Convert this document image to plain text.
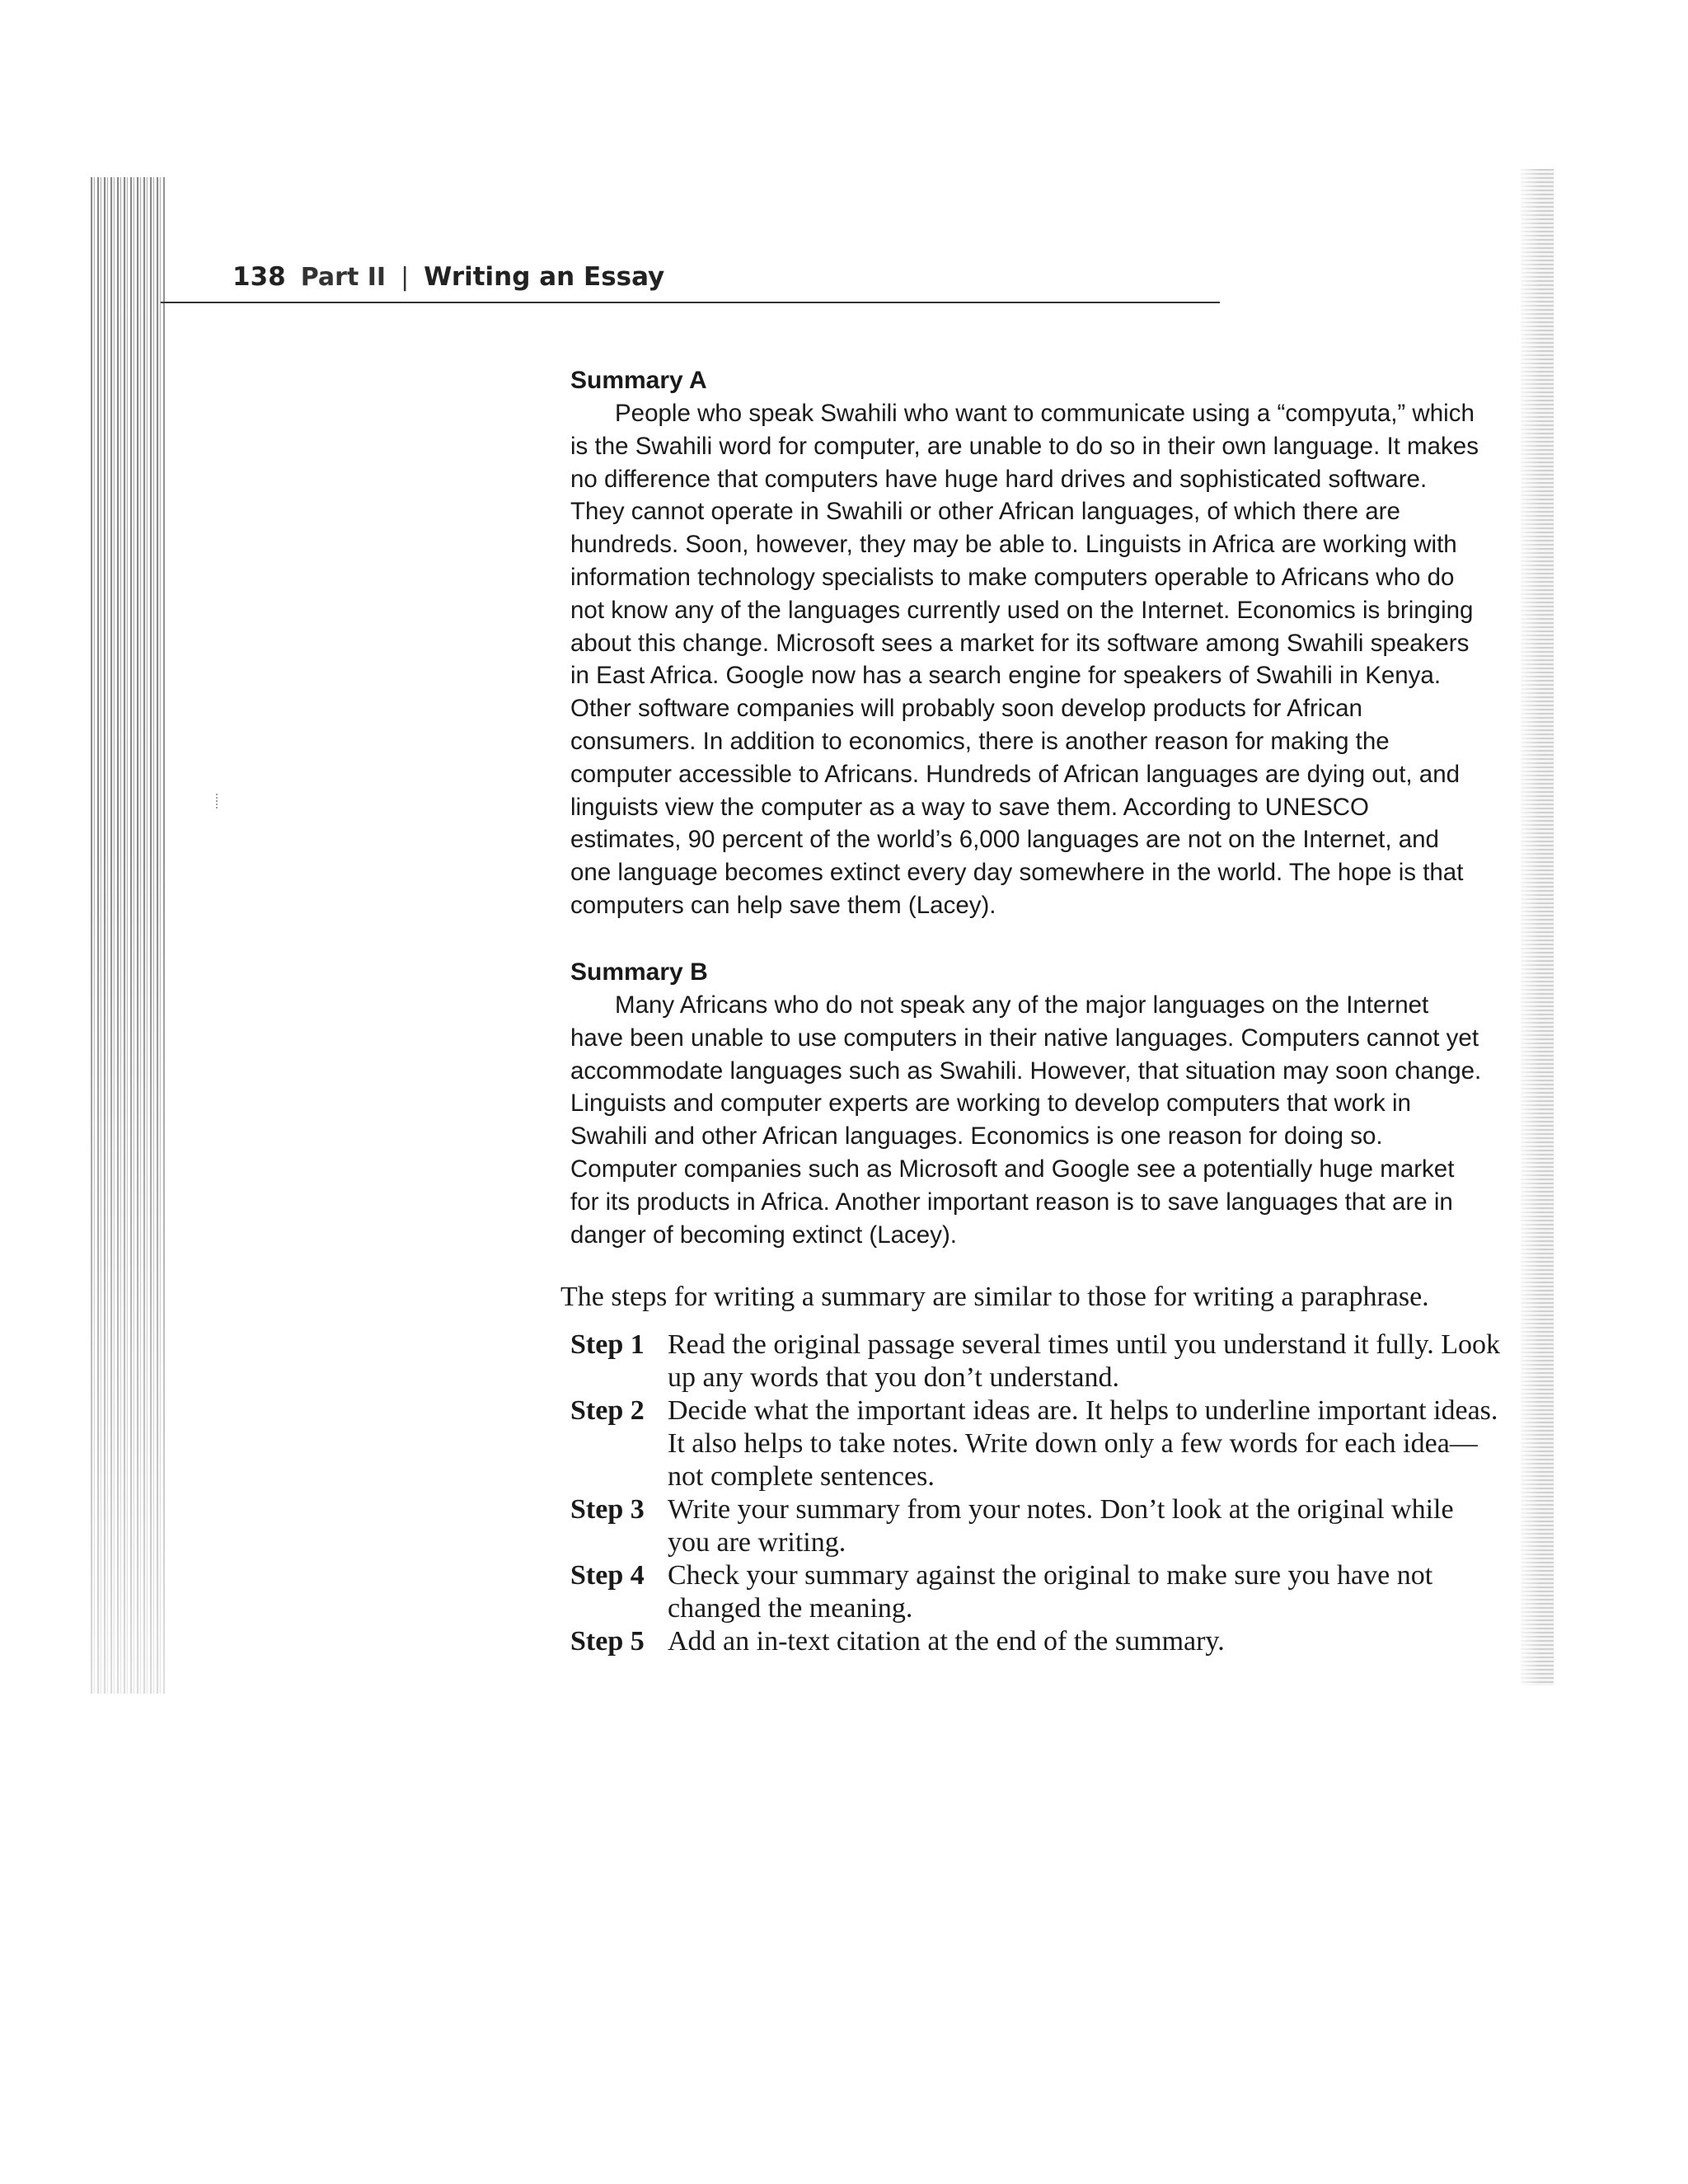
138 Part II | Writing an Essay
Summary A

People who speak Swahili who want to communicate using a “compyuta,” which is the Swahili word for computer, are unable to do so in their own language. It makes no difference that computers have huge hard drives and sophisticated software. They cannot operate in Swahili or other African languages, of which there are hundreds. Soon, however, they may be able to. Linguists in Africa are working with information technology specialists to make computers operable to Africans who do not know any of the languages currently used on the Internet. Economics is bringing about this change. Microsoft sees a market for its software among Swahili speakers in East Africa. Google now has a search engine for speakers of Swahili in Kenya. Other software companies will probably soon develop products for African consumers. In addition to economics, there is another reason for making the computer accessible to Africans. Hundreds of African languages are dying out, and linguists view the computer as a way to save them. According to UNESCO estimates, 90 percent of the world’s 6,000 languages are not on the Internet, and one language becomes extinct every day somewhere in the world. The hope is that computers can help save them (Lacey).

Summary B

Many Africans who do not speak any of the major languages on the Internet have been unable to use computers in their native languages. Computers cannot yet accommodate languages such as Swahili. However, that situation may soon change. Linguists and computer experts are working to develop computers that work in Swahili and other African languages. Economics is one reason for doing so. Computer companies such as Microsoft and Google see a potentially huge market for its products in Africa. Another important reason is to save languages that are in danger of becoming extinct (Lacey).

The steps for writing a summary are similar to those for writing a paraphrase.

Step 1 Read the original passage several times until you understand it fully. Look up any words that you don’t understand.
Step 2 Decide what the important ideas are. It helps to underline important ideas. It also helps to take notes. Write down only a few words for each idea—not complete sentences.
Step 3 Write your summary from your notes. Don’t look at the original while you are writing.
Step 4 Check your summary against the original to make sure you have not changed the meaning.
Step 5 Add an in-text citation at the end of the summary.
